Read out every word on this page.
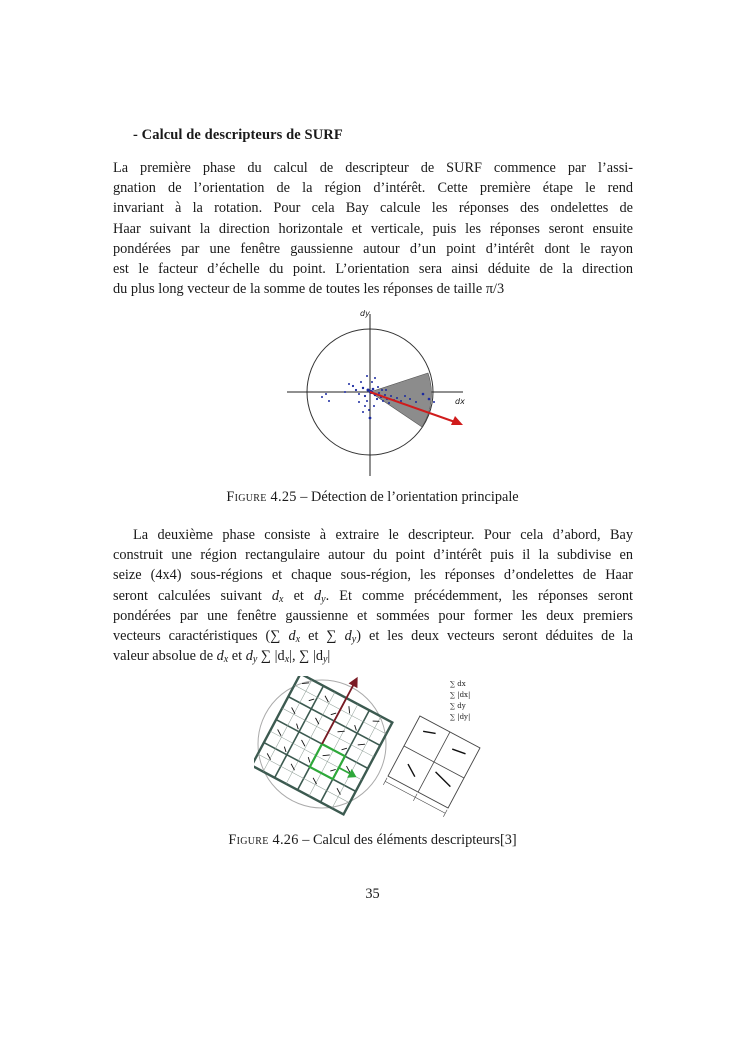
- Calcul de descripteurs de SURF
La première phase du calcul de descripteur de SURF commence par l’assi-
gnation de l’orientation de la région d’intérêt. Cette première étape le rend
invariant à la rotation. Pour cela Bay calcule les réponses des ondelettes de
Haar suivant la direction horizontale et verticale, puis les réponses seront ensuite
pondérées par une fenêtre gaussienne autour d’un point d’intérêt dont le rayon
est le facteur d’échelle du point. L’orientation sera ainsi déduite de la direction
du plus long vecteur de la somme de toutes les réponses de taille π/3
dx
dy
Figure 4.25 – Détection de l’orientation principale
La deuxième phase consiste à extraire le descripteur. Pour cela d’abord, Bay
construit une région rectangulaire autour du point d’intérêt puis il la subdivise en
seize (4x4) sous-régions et chaque sous-région, les réponses d’ondelettes de Haar
seront calculées suivant $d_x$ et $d_y$. Et comme précédemment, les réponses seront
pondérées par une fenêtre gaussienne et sommées pour former les deux premiers
vecteurs caractéristiques (∑ $d_x$ et ∑ $d_y$) et les deux vecteurs seront déduites de la
valeur absolue de $d_x$ et $d_y$ ∑ $|d_x|$, ∑ $|d_y|$
∑ dx
∑ |dx|
∑ dy
∑ |dy|
Figure 4.26 – Calcul des éléments descripteurs[3]
35
